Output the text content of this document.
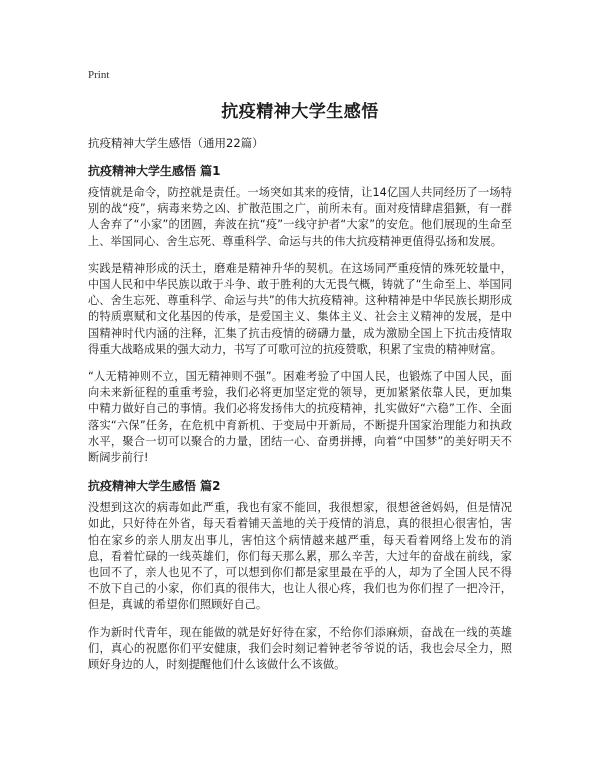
Print
抗疫精神大学生感悟

抗疫精神大学生感悟（通用22篇）

抗疫精神大学生感悟 篇1

疫情就是命令，防控就是责任。一场突如其来的疫情，让14亿国人共同经历了一场特别的战“疫”，病毒来势之凶、扩散范围之广，前所未有。面对疫情肆虐猖獗，有一群人舍弃了“小家”的团圆，奔波在抗“疫”一线守护者“大家”的安危。他们展现的生命至上、举国同心、舍生忘死、尊重科学、命运与共的伟大抗疫精神更值得弘扬和发展。

实践是精神形成的沃土，磨难是精神升华的契机。在这场同严重疫情的殊死较量中，中国人民和中华民族以敢于斗争、敢于胜利的大无畏气概，铸就了“生命至上、举国同心、舍生忘死、尊重科学、命运与共”的伟大抗疫精神。这种精神是中华民族长期形成的特质禀赋和文化基因的传承，是爱国主义、集体主义、社会主义精神的发展，是中国精神时代内涵的注释，汇集了抗击疫情的磅礴力量，成为激励全国上下抗击疫情取得重大战略成果的强大动力，书写了可歌可泣的抗疫赞歌，积累了宝贵的精神财富。

“人无精神则不立，国无精神则不强”。困难考验了中国人民，也锻炼了中国人民，面向未来新征程的重重考验，我们必将更加坚定党的领导，更加紧紧依靠人民，更加集中精力做好自己的事情。我们必将发扬伟大的抗疫精神，扎实做好“六稳”工作、全面落实“六保”任务，在危机中育新机、于变局中开新局，不断提升国家治理能力和执政水平，聚合一切可以聚合的力量，团结一心、奋勇拼搏，向着“中国梦”的美好明天不断阔步前行!

抗疫精神大学生感悟 篇2

没想到这次的病毒如此严重，我也有家不能回，我很想家，很想爸爸妈妈，但是情况如此，只好待在外省，每天看着铺天盖地的关于疫情的消息，真的很担心很害怕，害怕在家乡的亲人朋友出事儿，害怕这个病情越来越严重，每天看着网络上发布的消息，看着忙碌的一线英雄们，你们每天那么累，那么辛苦，大过年的奋战在前线，家也回不了，亲人也见不了，可以想到你们都是家里最在乎的人，却为了全国人民不得不放下自己的小家，你们真的很伟大，也让人很心疼，我们也为你们捏了一把冷汗，但是，真诚的希望你们照顾好自己。

作为新时代青年，现在能做的就是好好待在家，不给你们添麻烦，奋战在一线的英雄们，真心的祝愿你们平安健康，我们会时刻记着钟老爷爷说的话，我也会尽全力，照顾好身边的人，时刻提醒他们什么该做什么不该做。
